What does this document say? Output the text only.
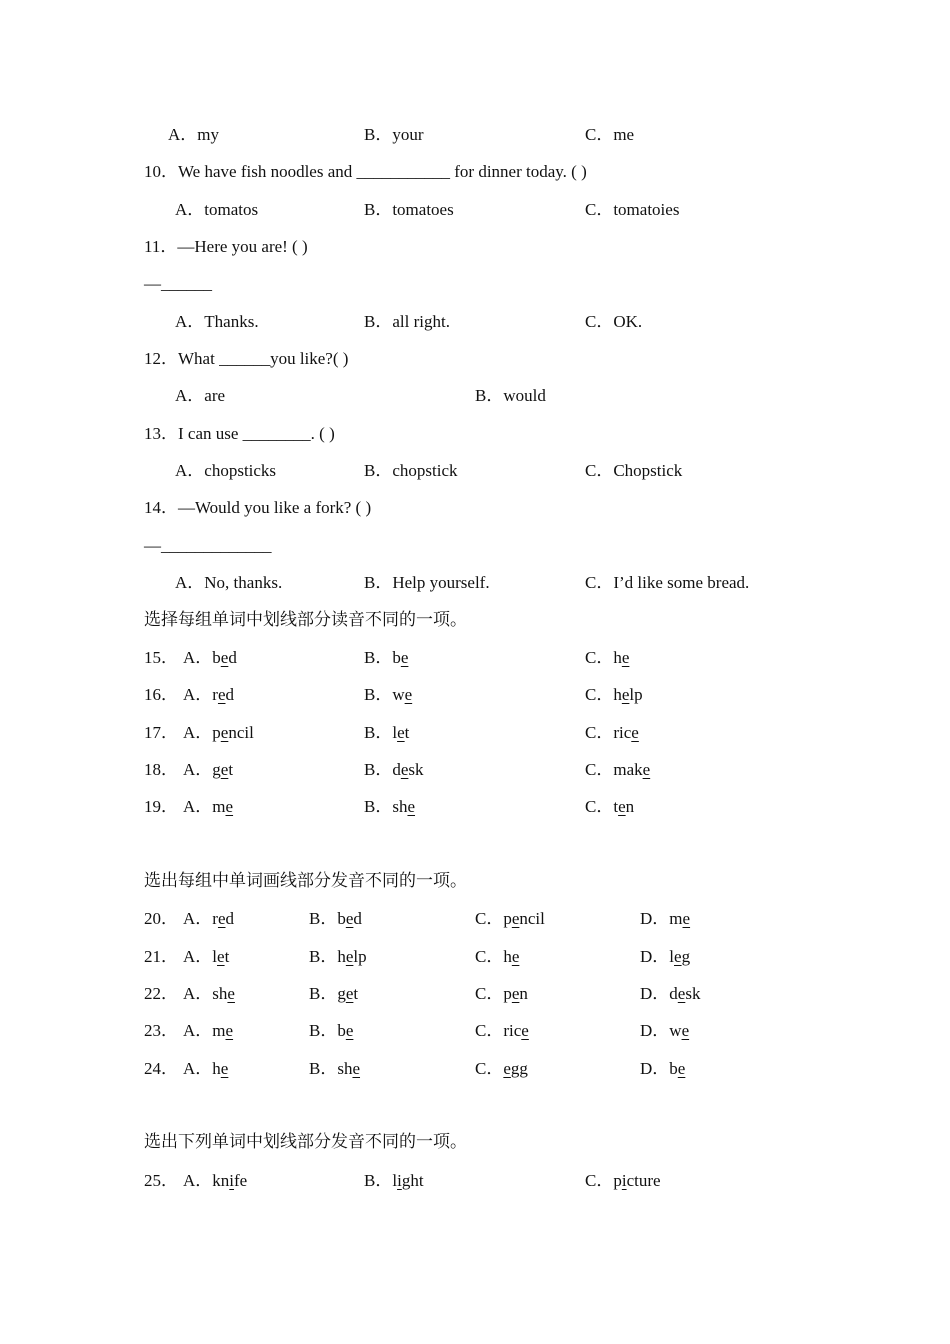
A．my	B．your	C．me
10．We have fish noodles and ___________ for dinner today. ( )
A．tomatos	B．tomatoes	C．tomatoies
11．—Here you are! ( )
—______
A．Thanks.	B．all right.	C．OK.
12．What ______you like?( )
A．are	B．would
13．I can use ________. ( )
A．chopsticks	B．chopstick	C．Chopstick
14．—Would you like a fork? ( )
—_____________
A．No, thanks.	B．Help yourself.	C．I’d like some bread.
选择每组单词中划线部分读音不同的一项。
15． A．bed	B．be	C．he
16． A．red	B．we	C．help
17． A．pencil	B．let	C．rice
18． A．get	B．desk	C．make
19． A．me	B．she	C．ten
选出每组中单词画线部分发音不同的一项。
20． A．red	B．bed	C．pencil	D．me
21． A．let	B．help	C．he	D．leg
22． A．she	B．get	C．pen	D．desk
23． A．me	B．be	C．rice	D．we
24． A．he	B．she	C．egg	D．be
选出下列单词中划线部分发音不同的一项。
25． A．knife	B．light	C．picture
